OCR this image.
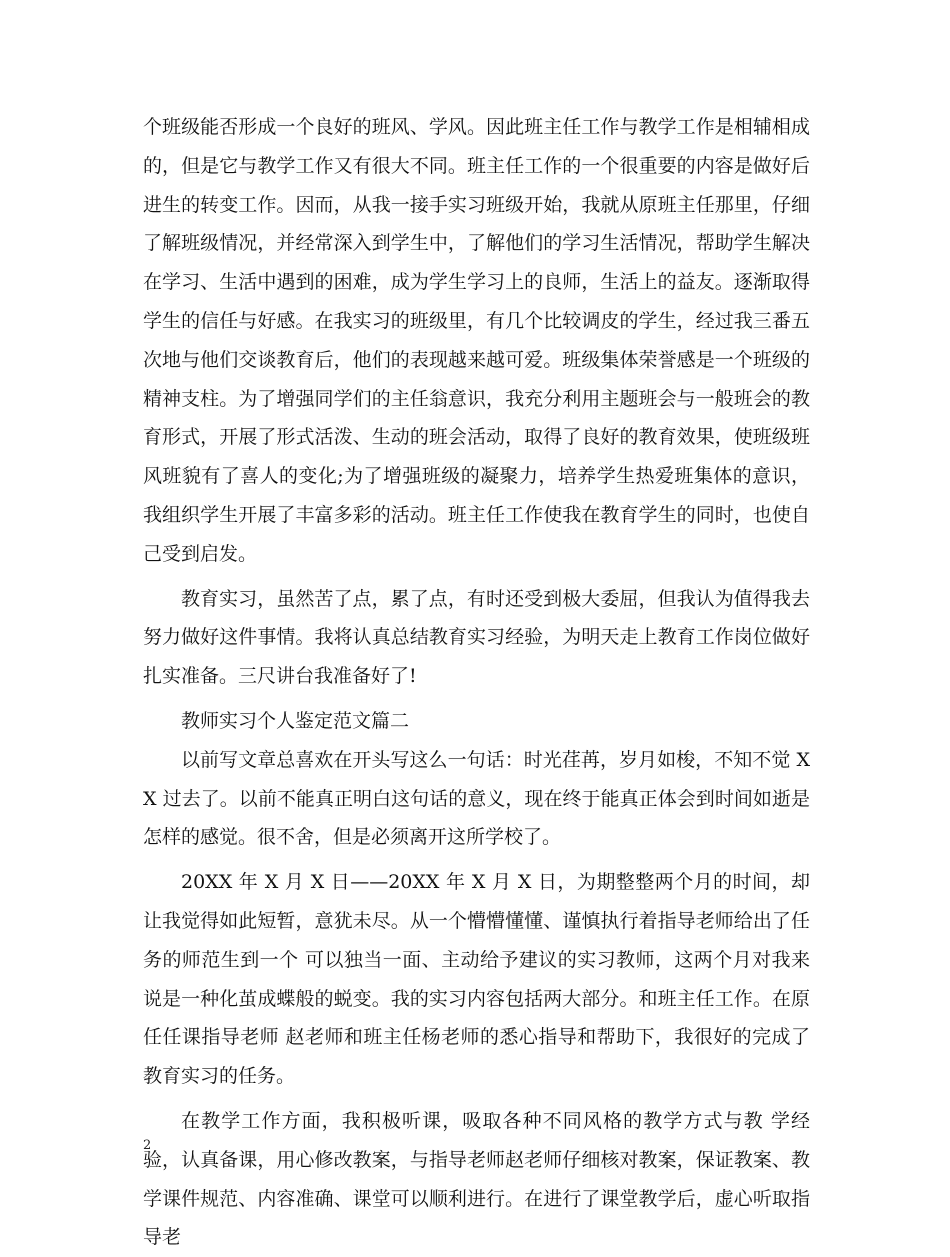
个班级能否形成一个良好的班风、学风。因此班主任工作与教学工作是相辅相成的，但是它与教学工作又有很大不同。班主任工作的一个很重要的内容是做好后进生的转变工作。因而，从我一接手实习班级开始，我就从原班主任那里，仔细了解班级情况，并经常深入到学生中，了解他们的学习生活情况，帮助学生解决在学习、生活中遇到的困难，成为学生学习上的良师，生活上的益友。逐渐取得学生的信任与好感。在我实习的班级里，有几个比较调皮的学生，经过我三番五次地与他们交谈教育后，他们的表现越来越可爱。班级集体荣誉感是一个班级的精神支柱。为了增强同学们的主任翁意识，我充分利用主题班会与一般班会的教育形式，开展了形式活泼、生动的班会活动，取得了良好的教育效果，使班级班风班貌有了喜人的变化;为了增强班级的凝聚力，培养学生热爱班集体的意识，我组织学生开展了丰富多彩的活动。班主任工作使我在教育学生的同时，也使自己受到启发。

教育实习，虽然苦了点，累了点，有时还受到极大委屈，但我认为值得我去努力做好这件事情。我将认真总结教育实习经验，为明天走上教育工作岗位做好扎实准备。三尺讲台我准备好了!

教师实习个人鉴定范文篇二

以前写文章总喜欢在开头写这么一句话：时光荏苒，岁月如梭，不知不觉 XX 过去了。以前不能真正明白这句话的意义，现在终于能真正体会到时间如逝是怎样的感觉。很不舍，但是必须离开这所学校了。

20XX 年 X 月 X 日——20XX 年 X 月 X 日，为期整整两个月的时间，却让我觉得如此短暂，意犹未尽。从一个懵懵懂懂、谨慎执行着指导老师给出了任务的师范生到一个 可以独当一面、主动给予建议的实习教师，这两个月对我来说是一种化茧成蝶般的蜕变。我的实习内容包括两大部分。和班主任工作。在原任任课指导老师 赵老师和班主任杨老师的悉心指导和帮助下，我很好的完成了教育实习的任务。

在教学工作方面，我积极听课，吸取各种不同风格的教学方式与教 学经验，认真备课，用心修改教案，与指导老师赵老师仔细核对教案，保证教案、教学课件规范、内容准确、课堂可以顺利进行。在进行了课堂教学后，虚心听取指 导老

2
